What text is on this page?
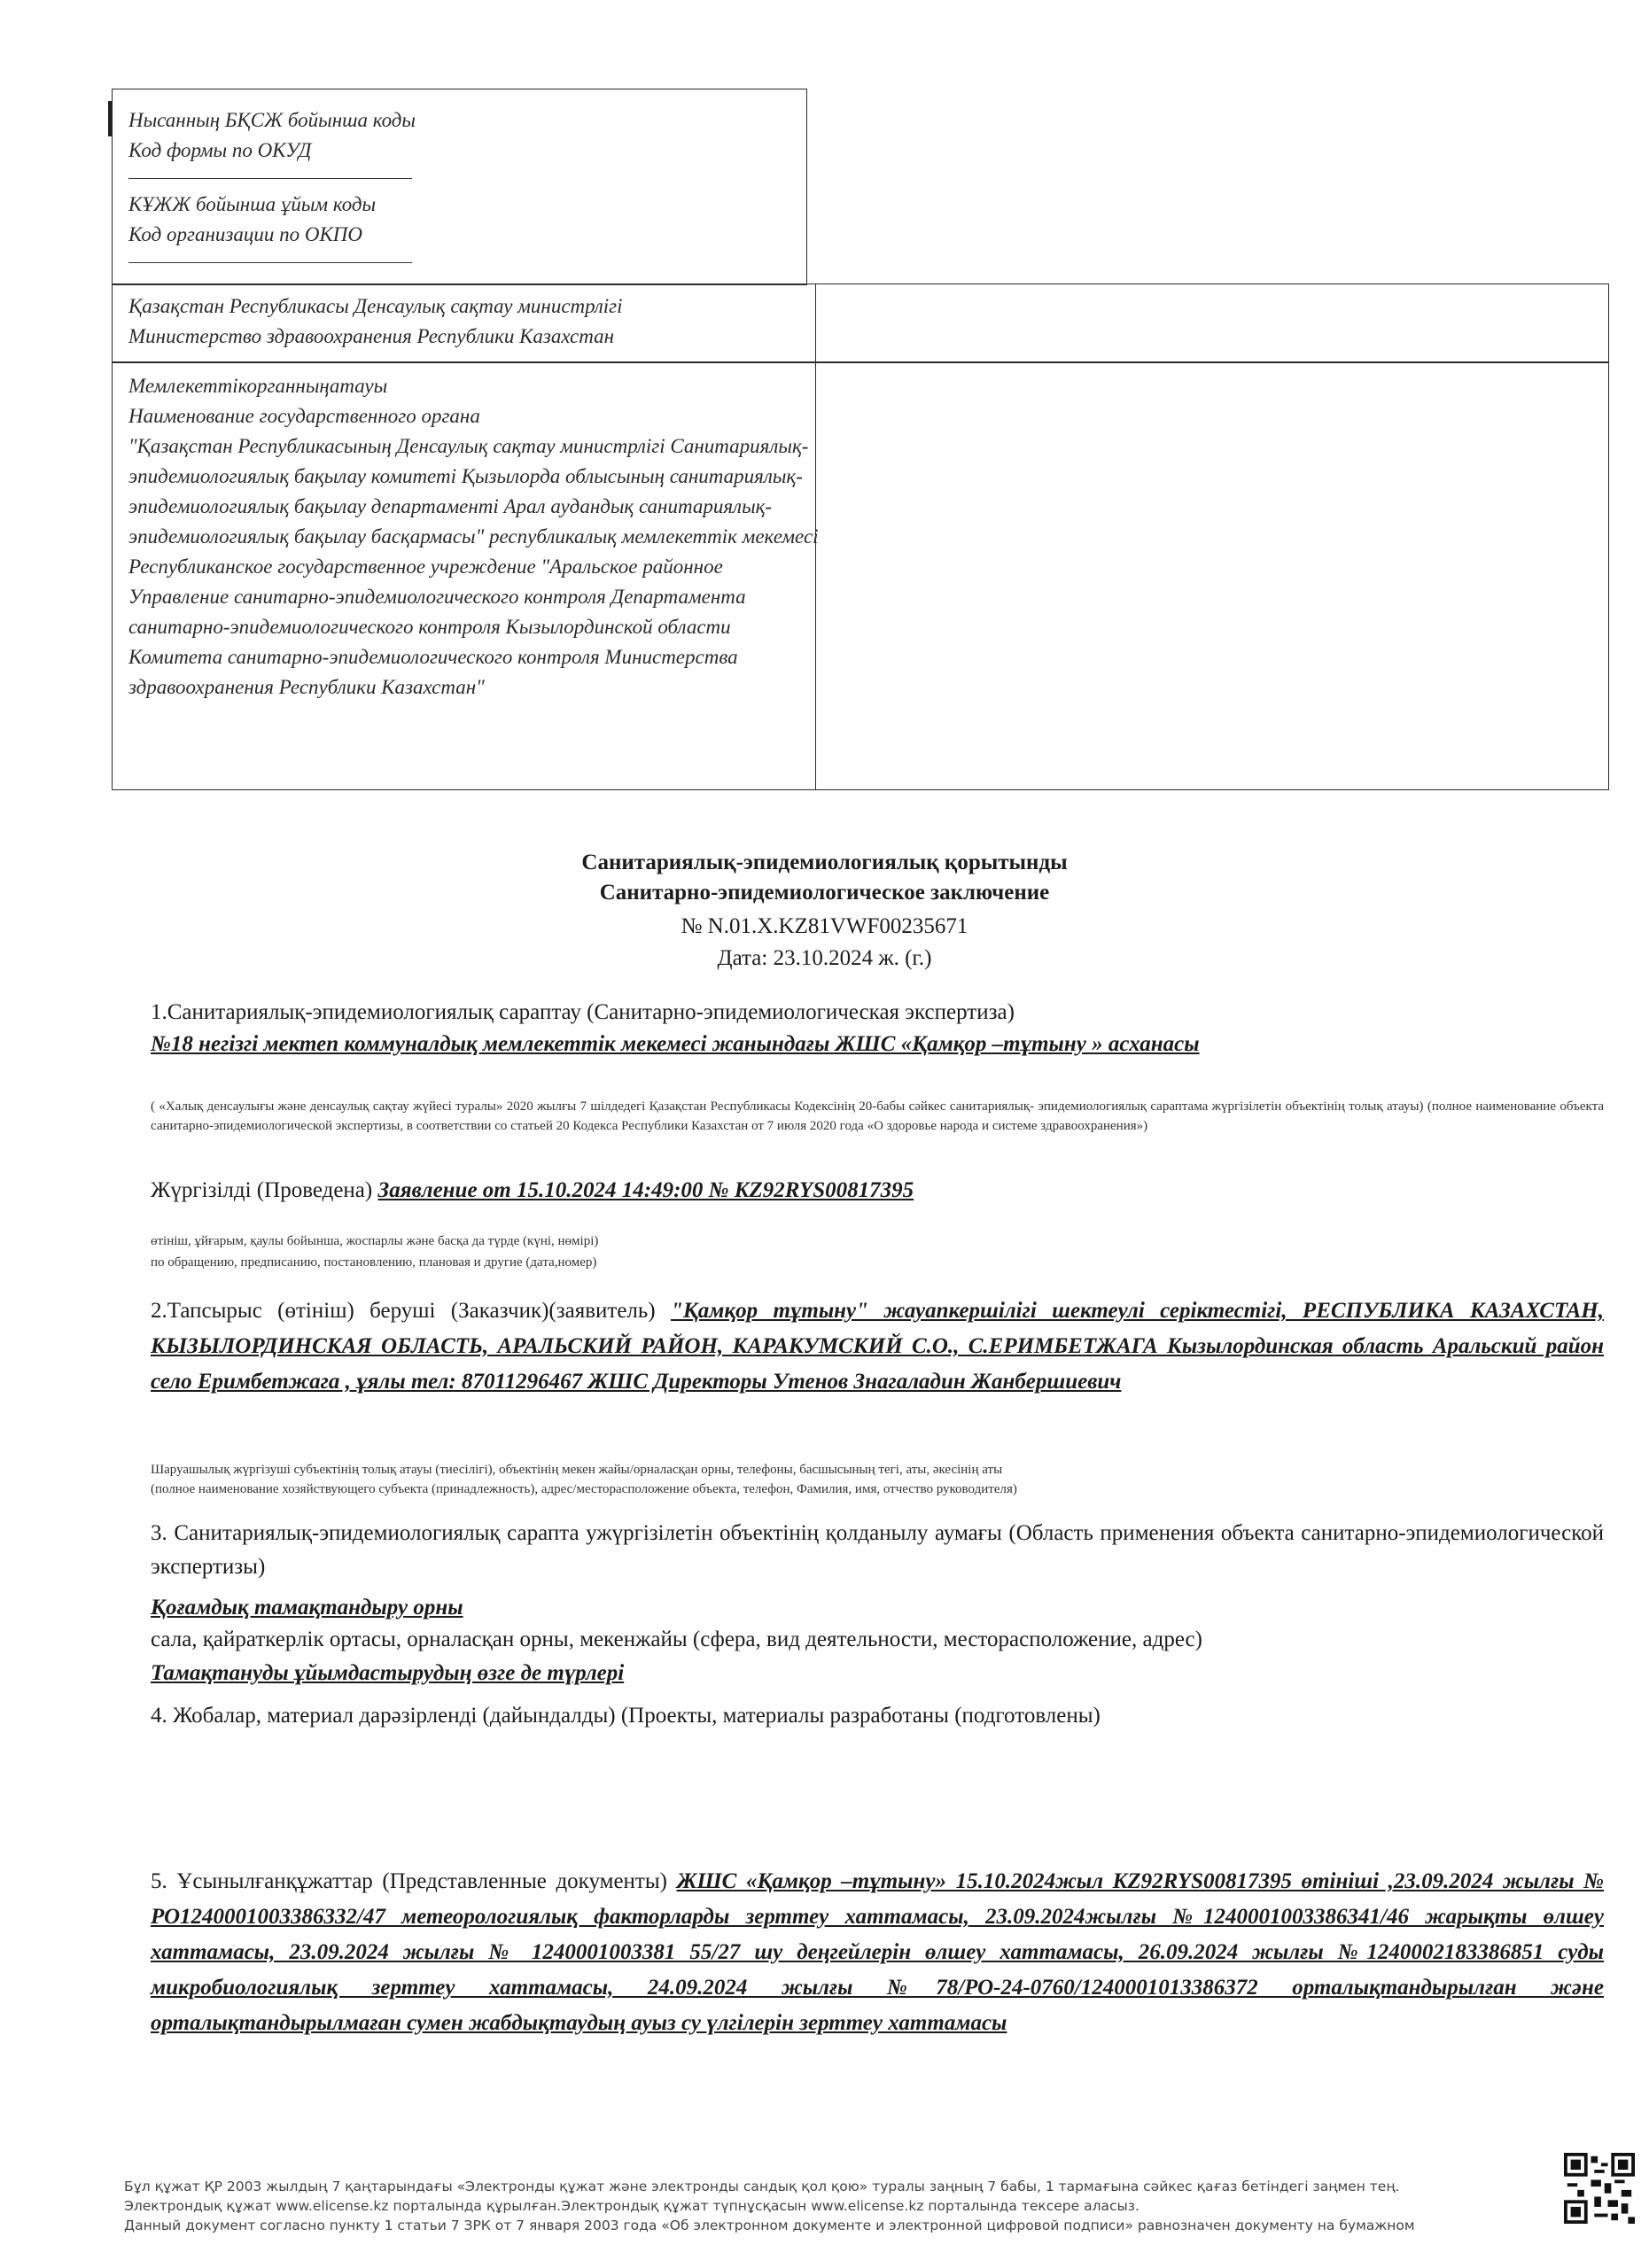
Нысанның БҚСЖ бойынша коды
Код формы по ОКУД
КҰЖЖ бойынша ұйым коды
Код организации по ОКПО
Қазақстан Республикасы Денсаулық сақтау министрлігі
Министерство здравоохранения Республики Казахстан
Мемлекеттікорганныңатауы
Наименование государственного органа
"Қазақстан Республикасының Денсаулық сақтау министрлігі Санитариялық-эпидемиологиялық бақылау комитеті Қызылорда облысының санитариялық-эпидемиологиялық бақылау департаменті Арал аудандық санитариялық-эпидемиологиялық бақылау басқармасы" республикалық мемлекеттік мекемесі
Республиканское государственное учреждение "Аральское районное Управление санитарно-эпидемиологического контроля Департамента санитарно-эпидемиологического контроля Кызылординской области Комитета санитарно-эпидемиологического контроля Министерства здравоохранения Республики Казахстан"
Санитариялық-эпидемиологиялық қорытынды
Санитарно-эпидемиологическое заключение
№ N.01.X.KZ81VWF00235671
Дата: 23.10.2024 ж. (г.)
1.Санитариялық-эпидемиологиялық сараптау (Санитарно-эпидемиологическая экспертиза)
№18 негізгі мектеп коммуналдық мемлекеттік мекемесі жанындағы ЖШС «Қамқор –тұтыну » асханасы
( «Халық денсаулығы және денсаулық сақтау жүйесі туралы» 2020 жылғы 7 шілдедегі Қазақстан Республикасы Кодексінің 20-бабы сәйкес санитариялық- эпидемиологиялық сараптама жүргізілетін объектінің толық атауы) (полное наименование объекта санитарно-эпидемиологической экспертизы, в соответствии со статьей 20 Кодекса Республики Казахстан от 7 июля 2020 года «О здоровье народа и системе здравоохранения»)
Жүргізілді (Проведена) Заявление от 15.10.2024 14:49:00 № KZ92RYS00817395
өтініш, ұйғарым, қаулы бойынша, жоспарлы және басқа да түрде (күні, нөмірі)
по обращению, предписанию, постановлению, плановая и другие (дата,номер)
2.Тапсырыс (өтініш) беруші (Заказчик)(заявитель) "Қамқор тұтыну" жауапкершілігі шектеулі серіктестігі, РЕСПУБЛИКА КАЗАХСТАН, КЫЗЫЛОРДИНСКАЯ ОБЛАСТЬ, АРАЛЬСКИЙ РАЙОН, КАРАКУМСКИЙ С.О., С.ЕРИМБЕТЖАГА Кызылординская область Аральский район село Еримбетжага , ұялы тел: 87011296467 ЖШС Директоры Утенов Знагаладин Жанбершиевич
Шаруашылық жүргізуші субъектінің толық атауы (тиесілігі), объектінің мекен жайы/орналасқан орны, телефоны, басшысының тегі, аты, әкесінің аты
(полное наименование хозяйствующего субъекта (принадлежность), адрес/месторасположение объекта, телефон, Фамилия, имя, отчество руководителя)
3. Санитариялық-эпидемиологиялық сарапта ужүргізілетін объектінің қолданылу аумағы (Область применения объекта санитарно-эпидемиологической экспертизы)
Қоғамдық тамақтандыру орны
сала, қайраткерлік ортасы, орналасқан орны, мекенжайы (сфера, вид деятельности, месторасположение, адрес)
Тамақтануды ұйымдастырудың өзге де түрлері
4. Жобалар, материал дарәзірленді (дайындалды) (Проекты, материалы разработаны (подготовлены)
5. Ұсынылғанқұжаттар (Представленные документы) ЖШС «Қамқор –тұтыну» 15.10.2024жыл KZ92RYS00817395 өтініші ,23.09.2024 жылғы № РО1240001003386332/47 метеорологиялық факторларды зерттеу хаттамасы, 23.09.2024жылғы №1240001003386341/46 жарықты өлшеу хаттамасы, 23.09.2024 жылғы № 1240001003381 55/27 шу деңгейлерін өлшеу хаттамасы, 26.09.2024 жылғы №1240002183386851 суды микробиологиялық зерттеу хаттамасы, 24.09.2024 жылғы №78/РО-24-0760/1240001013386372 орталықтандырылған және орталықтандырылмаған сумен жабдықтаудың ауыз су үлгілерін зерттеу хаттамасы
Бұл құжат ҚР 2003 жылдың 7 қаңтарындағы «Электронды құжат және электронды сандық қол қою» туралы заңның 7 бабы, 1 тармағына сәйкес қағаз бетіндегі заңмен тең.
Электрондық құжат www.elicense.kz порталында құрылған.Электрондық құжат түпнұсқасын www.elicense.kz порталында тексере аласыз.
Данный документ согласно пункту 1 статьи 7 ЗРК от 7 января 2003 года «Об электронном документе и электронной цифровой подписи» равнозначен документу на бумажном
